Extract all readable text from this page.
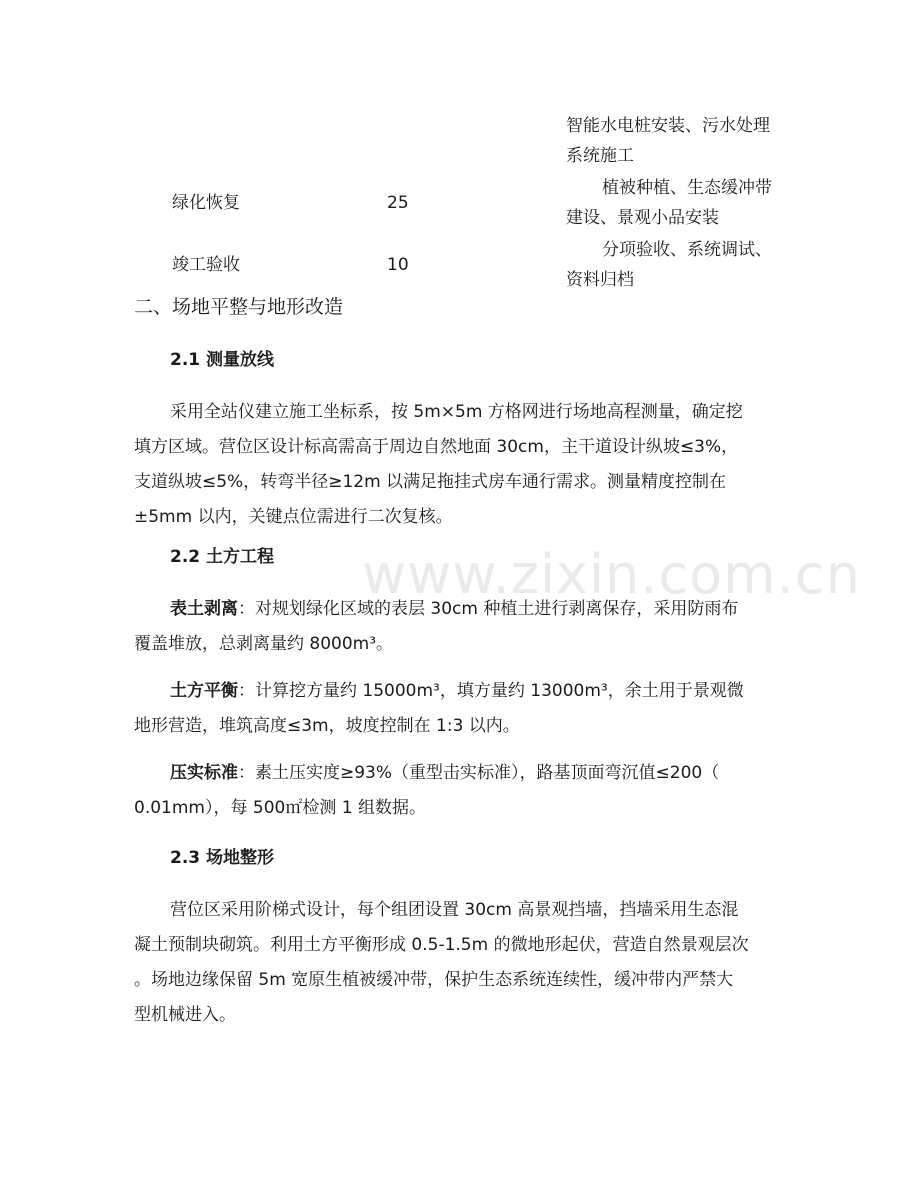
智能水电桩安装、污水处理
系统施工
绿化恢复	25
植被种植、生态缓冲带
建设、景观小品安装
竣工验收	10
分项验收、系统调试、
资料归档
二、场地平整与地形改造
2.1 测量放线
采用全站仪建立施工坐标系，按 5m×5m 方格网进行场地高程测量，确定挖
填方区域。营位区设计标高需高于周边自然地面 30cm，主干道设计纵坡≤3%，
支道纵坡≤5%，转弯半径≥12m 以满足拖挂式房车通行需求。测量精度控制在
±5mm 以内，关键点位需进行二次复核。
www.zixin.com.cn
2.2 土方工程
表土剥离：对规划绿化区域的表层 30cm 种植土进行剥离保存，采用防雨布
覆盖堆放，总剥离量约 8000m³。
土方平衡：计算挖方量约 15000m³，填方量约 13000m³，余土用于景观微
地形营造，堆筑高度≤3m，坡度控制在 1:3 以内。
压实标准：素土压实度≥93%（重型击实标准），路基顶面弯沉值≤200（
0.01mm），每 500㎡检测 1 组数据。
2.3 场地整形
营位区采用阶梯式设计，每个组团设置 30cm 高景观挡墙，挡墙采用生态混
凝土预制块砌筑。利用土方平衡形成 0.5-1.5m 的微地形起伏，营造自然景观层次
。场地边缘保留 5m 宽原生植被缓冲带，保护生态系统连续性，缓冲带内严禁大
型机械进入。
